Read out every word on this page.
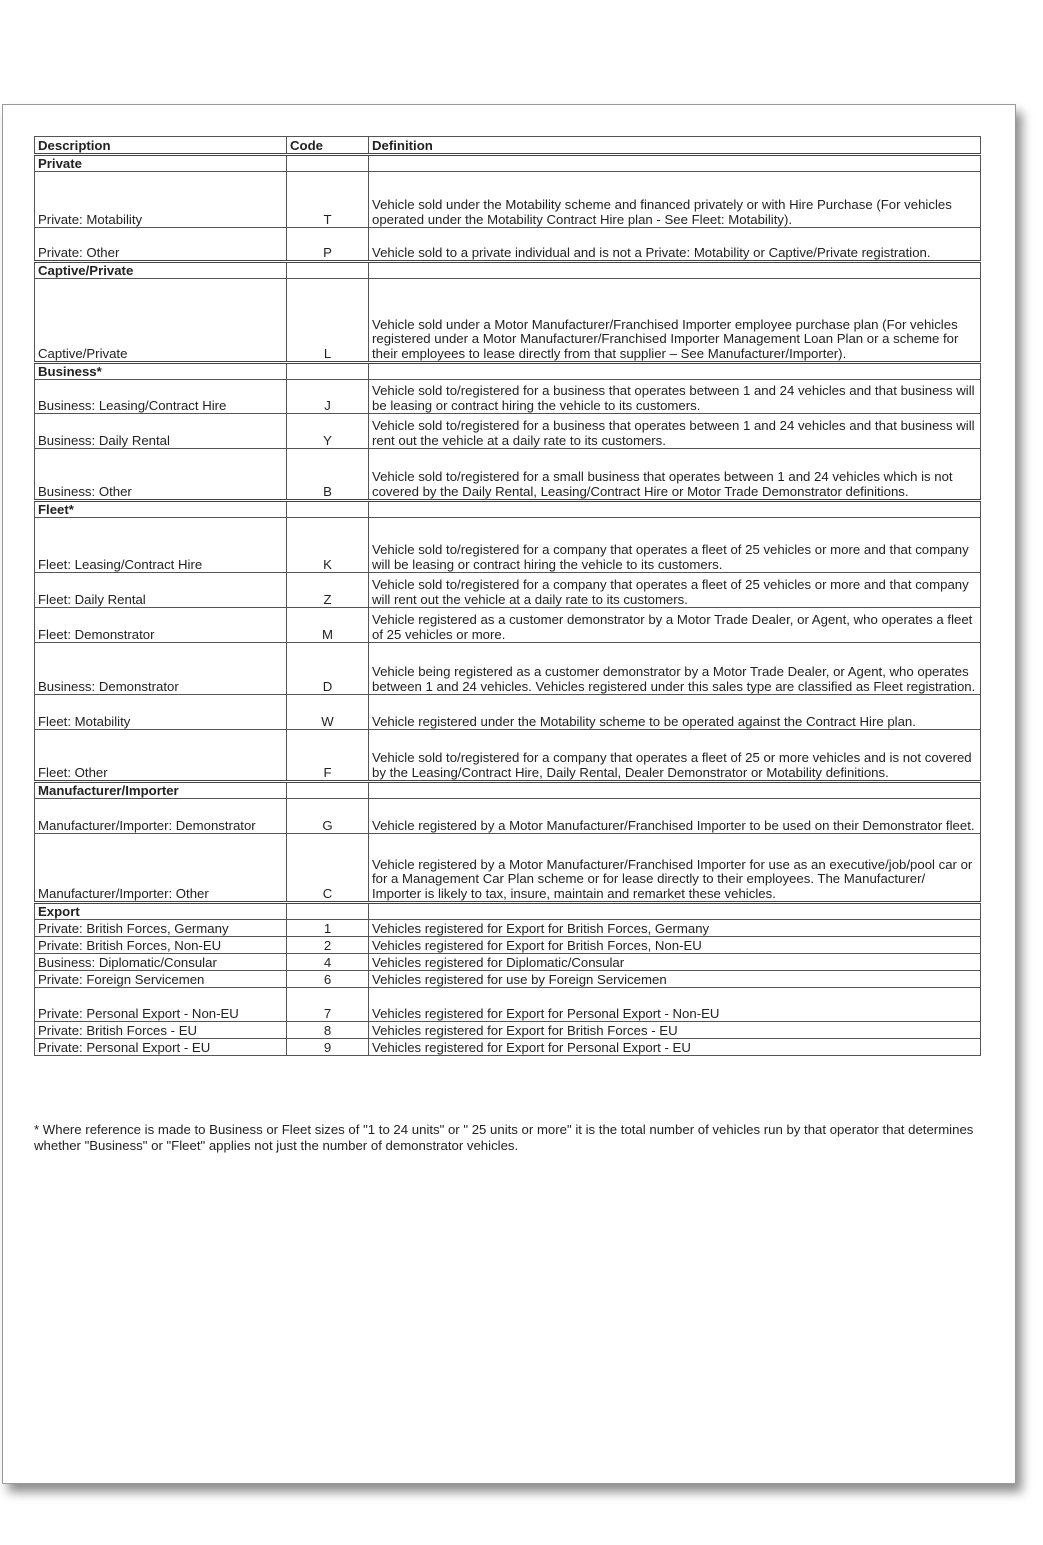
Description	Code	Definition
Private		
Private: Motability	T	Vehicle sold under the Motability scheme and financed privately or with Hire Purchase (For vehicles operated under the Motability Contract Hire plan - See Fleet: Motability).
Private: Other	P	Vehicle sold to a private individual and is not a Private: Motability or Captive/Private registration.
Captive/Private		
Captive/Private	L	Vehicle sold under a Motor Manufacturer/Franchised Importer employee purchase plan (For vehicles registered under a Motor Manufacturer/Franchised Importer Management Loan Plan or a scheme for their employees to lease directly from that supplier – See Manufacturer/Importer).
Business*		
Business: Leasing/Contract Hire	J	Vehicle sold to/registered for a business that operates between 1 and 24 vehicles and that business will be leasing or contract hiring the vehicle to its customers.
Business: Daily Rental	Y	Vehicle sold to/registered for a business that operates between 1 and 24 vehicles and that business will rent out the vehicle at a daily rate to its customers.
Business: Other	B	Vehicle sold to/registered for a small business that operates between 1 and 24 vehicles which is not covered by the Daily Rental, Leasing/Contract Hire or Motor Trade Demonstrator definitions.
Fleet*		
Fleet: Leasing/Contract Hire	K	Vehicle sold to/registered for a company that operates a fleet of 25 vehicles or more and that company will be leasing or contract hiring the vehicle to its customers.
Fleet: Daily Rental	Z	Vehicle sold to/registered for a company that operates a fleet of 25 vehicles or more and that company will rent out the vehicle at a daily rate to its customers.
Fleet: Demonstrator	M	Vehicle registered as a customer demonstrator by a Motor Trade Dealer, or Agent, who operates a fleet of 25 vehicles or more.
Business: Demonstrator	D	Vehicle being registered as a customer demonstrator by a Motor Trade Dealer, or Agent, who operates between 1 and 24 vehicles. Vehicles registered under this sales type are classified as Fleet registration.
Fleet: Motability	W	Vehicle registered under the Motability scheme to be operated against the Contract Hire plan.
Fleet: Other	F	Vehicle sold to/registered for a company that operates a fleet of 25 or more vehicles and is not covered by the Leasing/Contract Hire, Daily Rental, Dealer Demonstrator or Motability definitions.
Manufacturer/Importer		
Manufacturer/Importer: Demonstrator	G	Vehicle registered by a Motor Manufacturer/Franchised Importer to be used on their Demonstrator fleet.
Manufacturer/Importer: Other	C	Vehicle registered by a Motor Manufacturer/Franchised Importer for use as an executive/job/pool car or for a Management Car Plan scheme or for lease directly to their employees. The Manufacturer/ Importer is likely to tax, insure, maintain and remarket these vehicles.
Export		
Private: British Forces, Germany	1	Vehicles registered for Export for British Forces, Germany
Private: British Forces, Non-EU	2	Vehicles registered for Export for British Forces, Non-EU
Business: Diplomatic/Consular	4	Vehicles registered for Diplomatic/Consular
Private: Foreign Servicemen	6	Vehicles registered for use by Foreign Servicemen
Private: Personal Export - Non-EU	7	Vehicles registered for Export for Personal Export - Non-EU
Private: British Forces - EU	8	Vehicles registered for Export for British Forces - EU
Private: Personal Export - EU	9	Vehicles registered for Export for Personal Export - EU
* Where reference is made to Business or Fleet sizes of "1 to 24 units" or " 25 units or more" it is the total number of vehicles run by that operator that determines whether "Business" or "Fleet" applies not just the number of demonstrator vehicles.
